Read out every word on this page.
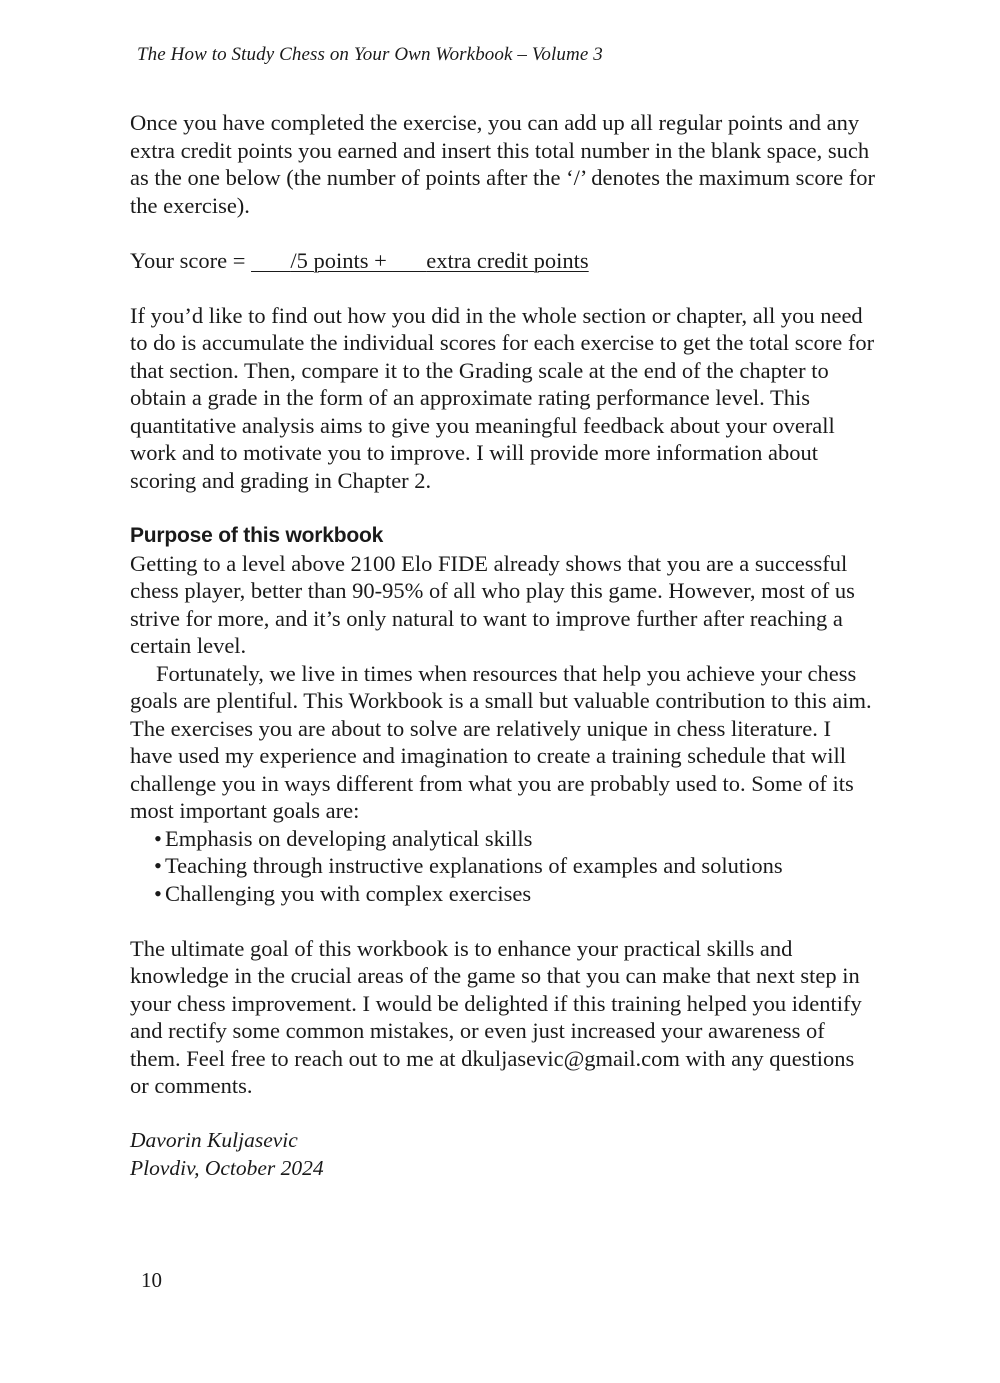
The How to Study Chess on Your Own Workbook – Volume 3

Once you have completed the exercise, you can add up all regular points and any extra credit points you earned and insert this total number in the blank space, such as the one below (the number of points after the ‘/’ denotes the maximum score for the exercise).

Your score =        /5 points +       extra credit points

If you’d like to find out how you did in the whole section or chapter, all you need to do is accumulate the individual scores for each exercise to get the total score for that section. Then, compare it to the Grading scale at the end of the chapter to obtain a grade in the form of an approximate rating performance level. This quantitative analysis aims to give you meaningful feedback about your overall work and to motivate you to improve. I will provide more information about scoring and grading in Chapter 2.

Purpose of this workbook

Getting to a level above 2100 Elo FIDE already shows that you are a successful chess player, better than 90-95% of all who play this game. However, most of us strive for more, and it’s only natural to want to improve further after reaching a certain level.

Fortunately, we live in times when resources that help you achieve your chess goals are plentiful. This Workbook is a small but valuable contribution to this aim. The exercises you are about to solve are relatively unique in chess literature. I have used my experience and imagination to create a training schedule that will challenge you in ways different from what you are probably used to. Some of its most important goals are:

• Emphasis on developing analytical skills
• Teaching through instructive explanations of examples and solutions
• Challenging you with complex exercises

The ultimate goal of this workbook is to enhance your practical skills and knowledge in the crucial areas of the game so that you can make that next step in your chess improvement. I would be delighted if this training helped you identify and rectify some common mistakes, or even just increased your awareness of them. Feel free to reach out to me at dkuljasevic@gmail.com with any questions or comments.

Davorin Kuljasevic

Plovdiv, October 2024

10
